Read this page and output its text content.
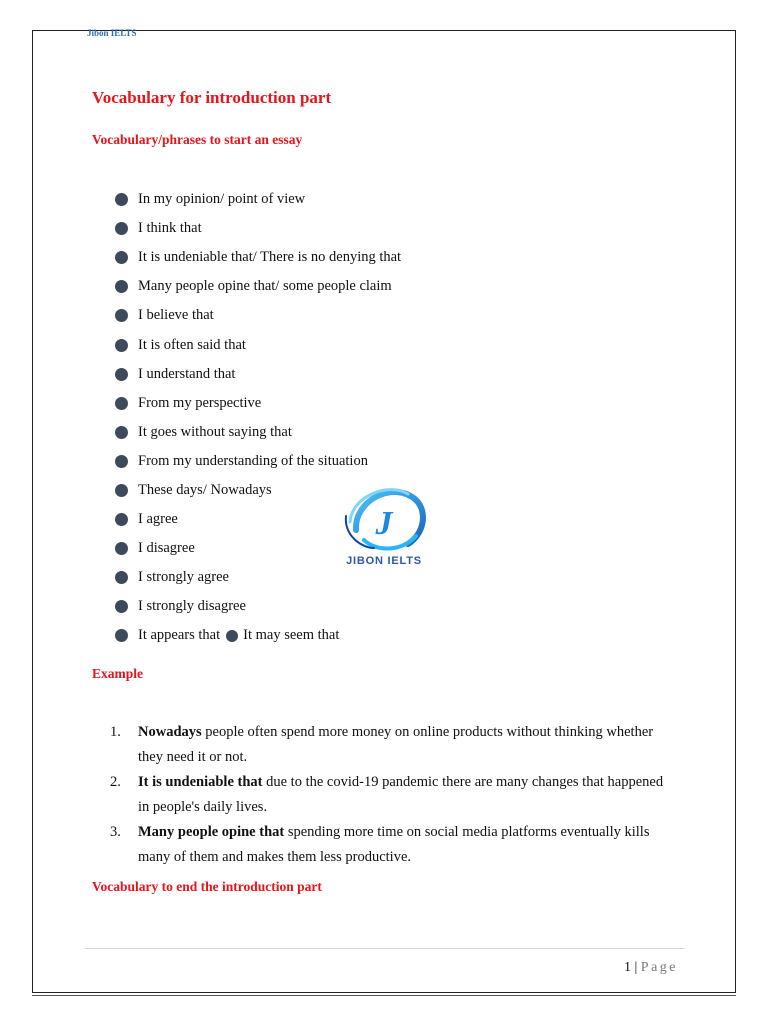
Jibon IELTS
Vocabulary for introduction part
Vocabulary/phrases to start an essay
In my opinion/ point of view
I think that
It is undeniable that/ There is no denying that
Many people opine that/ some people claim
I believe that
It is often said that
I understand that
From my perspective
It goes without saying that
From my understanding of the situation
These days/ Nowadays
I agree
I disagree
I strongly agree
I strongly disagree
It appears that It may seem that
J
JIBON IELTS
Example
1.	Nowadays people often spend more money on online products without thinking whether they need it or not.
2.	It is undeniable that due to the covid-19 pandemic there are many changes that happened in people's daily lives.
3.	Many people opine that spending more time on social media platforms eventually kills many of them and makes them less productive.
Vocabulary to end the introduction part
1 | Page
